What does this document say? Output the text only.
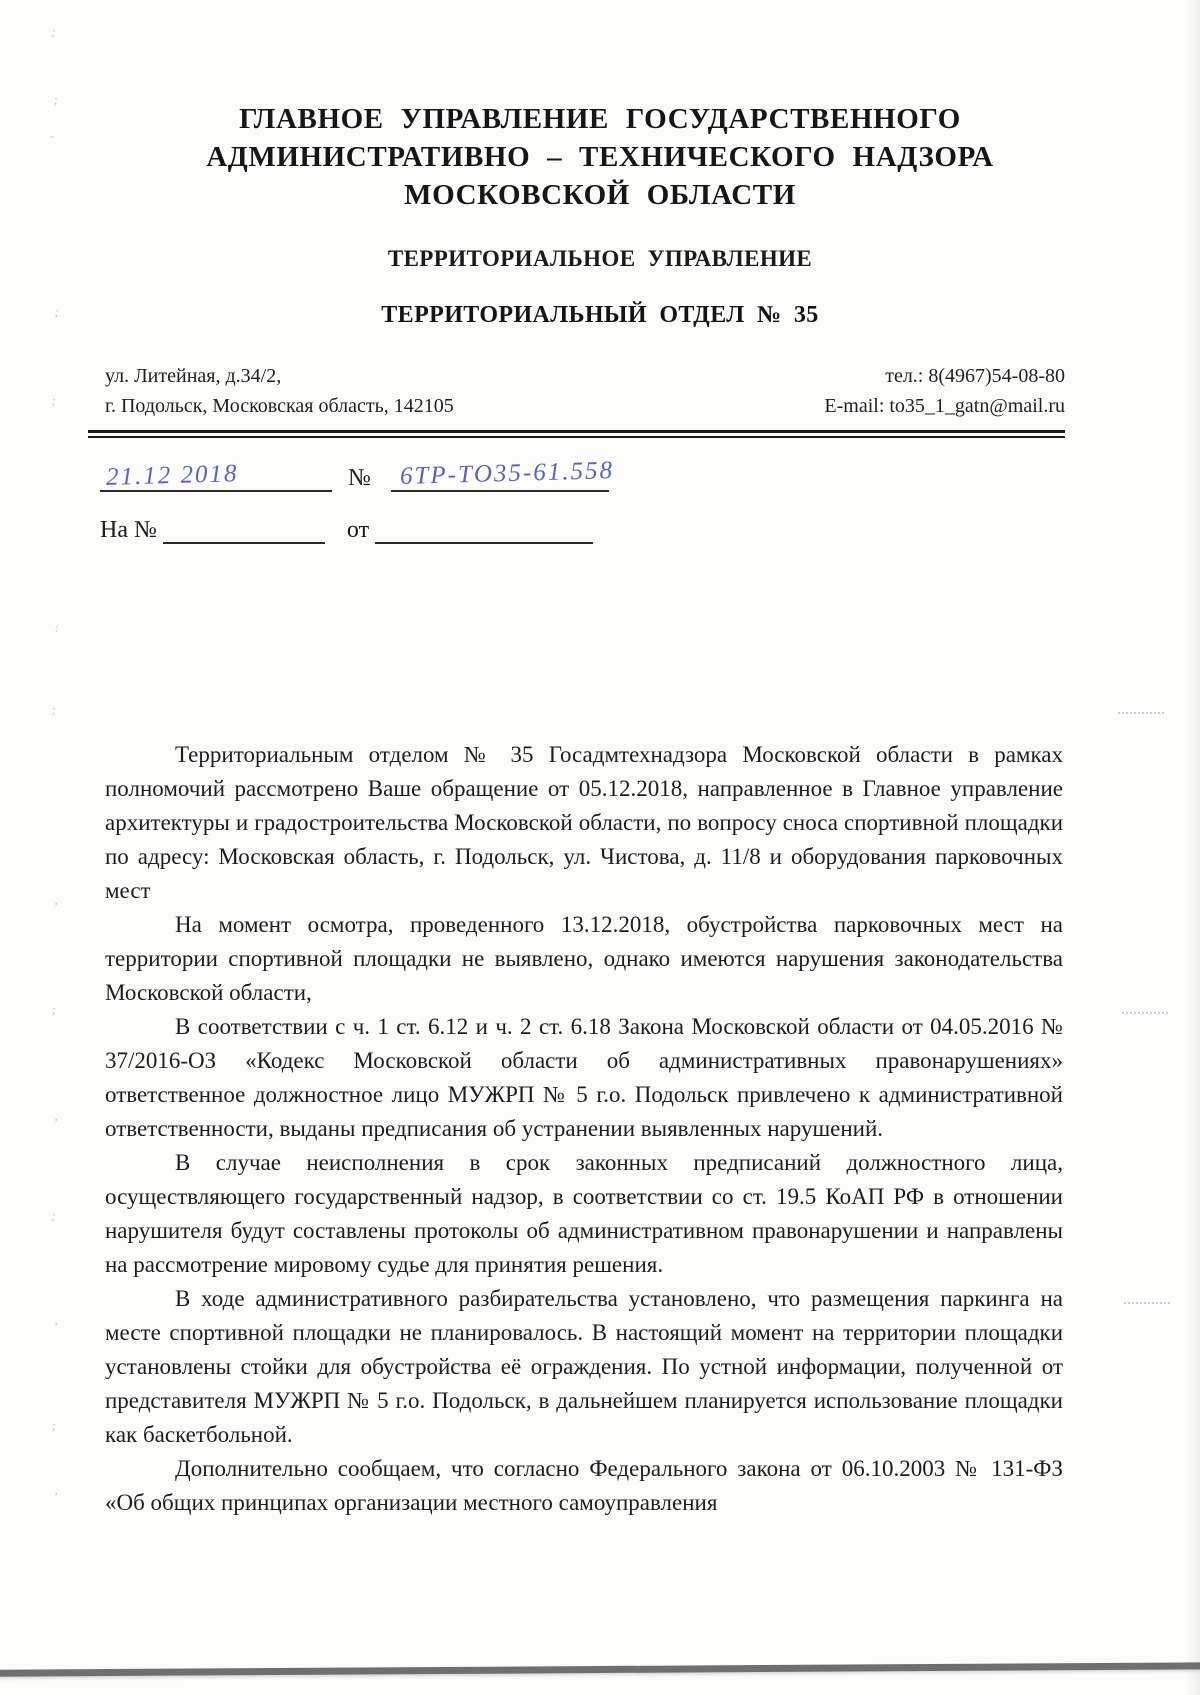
ГЛАВНОЕ УПРАВЛЕНИЕ ГОСУДАРСТВЕННОГО
АДМИНИСТРАТИВНО – ТЕХНИЧЕСКОГО НАДЗОРА
МОСКОВСКОЙ ОБЛАСТИ
ТЕРРИТОРИАЛЬНОЕ УПРАВЛЕНИЕ
ТЕРРИТОРИАЛЬНЫЙ ОТДЕЛ № 35
ул. Литейная, д.34/2,
г. Подольск, Московская область, 142105
тел.: 8(4967)54-08-80
E-mail: to35_1_gatn@mail.ru
21.12 2018	№ 6ТР-ТО35-61.558

На №	от

Территориальным отделом № 35 Госадмтехнадзора Московской области в рамках полномочий рассмотрено Ваше обращение от 05.12.2018, направленное в Главное управление архитектуры и градостроительства Московской области, по вопросу сноса спортивной площадки по адресу: Московская область, г. Подольск, ул. Чистова, д. 11/8 и оборудования парковочных мест

На момент осмотра, проведенного 13.12.2018, обустройства парковочных мест на территории спортивной площадки не выявлено, однако имеются нарушения законодательства Московской области,

В соответствии с ч. 1 ст. 6.12 и ч. 2 ст. 6.18 Закона Московской области от 04.05.2016 № 37/2016-ОЗ «Кодекс Московской области об административных правонарушениях» ответственное должностное лицо МУЖРП № 5 г.о. Подольск привлечено к административной ответственности, выданы предписания об устранении выявленных нарушений.

В случае неисполнения в срок законных предписаний должностного лица, осуществляющего государственный надзор, в соответствии со ст. 19.5 КоАП РФ в отношении нарушителя будут составлены протоколы об административном правонарушении и направлены на рассмотрение мировому судье для принятия решения.

В ходе административного разбирательства установлено, что размещения паркинга на месте спортивной площадки не планировалось. В настоящий момент на территории площадки установлены стойки для обустройства её ограждения. По устной информации, полученной от представителя МУЖРП № 5 г.о. Подольск, в дальнейшем планируется использование площадки как баскетбольной.

Дополнительно сообщаем, что согласно Федерального закона от 06.10.2003 № 131-ФЗ «Об общих принципах организации местного самоуправления

;
;
-
;
;
:
;
,
;
,
;
,
;
,
